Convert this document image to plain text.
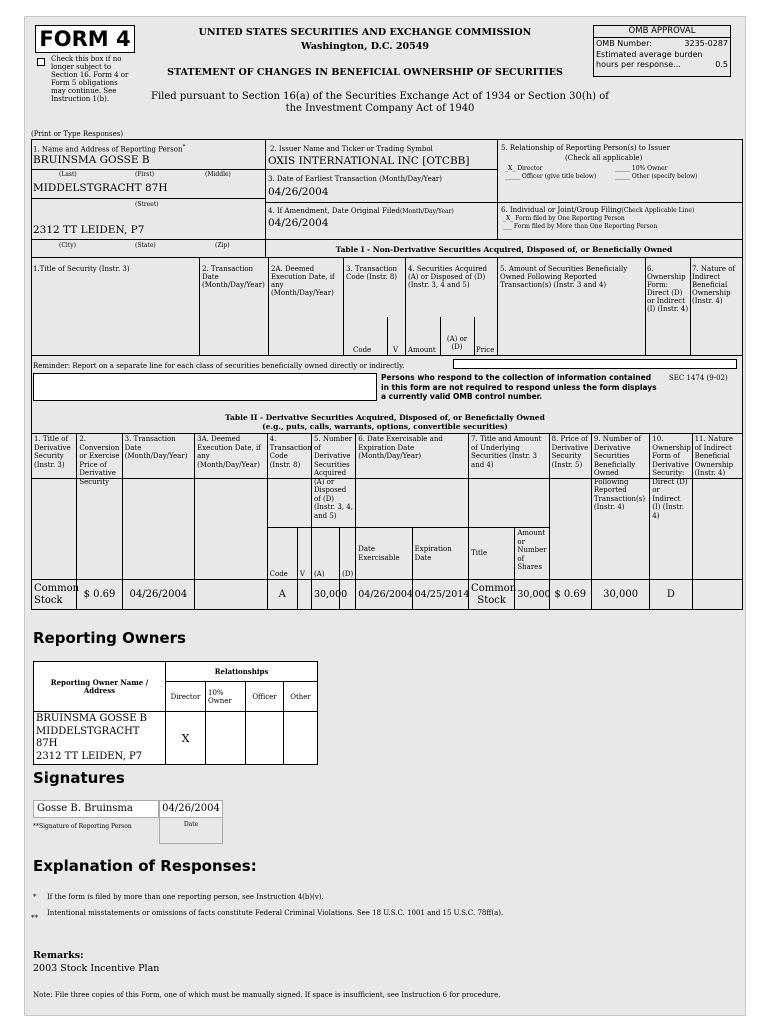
FORM 4
Check this box if no longer subject to Section 16. Form 4 or Form 5 obligations may continue. See Instruction 1(b).
UNITED STATES SECURITIES AND EXCHANGE COMMISSION
Washington, D.C. 20549
STATEMENT OF CHANGES IN BENEFICIAL OWNERSHIP OF SECURITIES
Filed pursuant to Section 16(a) of the Securities Exchange Act of 1934 or Section 30(h) of the Investment Company Act of 1940
OMB APPROVAL
OMB Number:	3235-0287
Estimated average burden
hours per response...	0.5
(Print or Type Responses)
1. Name and Address of Reporting Person*
BRUINSMA GOSSE B
(Last)	(First)	(Middle)
MIDDELSTGRACHT 87H
(Street)
2312 TT LEIDEN, P7
(City)	(State)	(Zip)
2. Issuer Name and Ticker or Trading Symbol
OXIS INTERNATIONAL INC [OTCBB]
3. Date of Earliest Transaction (Month/Day/Year)
04/26/2004
4. If Amendment, Date Original Filed(Month/Day/Year)
04/26/2004
5. Relationship of Reporting Person(s) to Issuer
(Check all applicable)
_X_ Director	_____ 10% Owner
_____ Officer (give title below)	_____ Other (specify below)
6. Individual or Joint/Group Filing(Check Applicable Line)
_X_ Form filed by One Reporting Person
___ Form filed by More than One Reporting Person
Table I - Non-Derivative Securities Acquired, Disposed of, or Beneficially Owned
1.Title of Security (Instr. 3)	2. Transaction Date (Month/Day/Year)
2A. Deemed Execution Date, if any (Month/Day/Year)
3. Transaction Code (Instr. 8)
4. Securities Acquired (A) or Disposed of (D) (Instr. 3, 4 and 5)
5. Amount of Securities Beneficially Owned Following Reported Transaction(s) (Instr. 3 and 4)
6. Ownership Form: Direct (D) or Indirect (I) (Instr. 4)
7. Nature of Indirect Beneficial Ownership (Instr. 4)
Code	V Amount
(A) or (D)	Price
Reminder: Report on a separate line for each class of securities beneficially owned directly or indirectly.
Persons who respond to the collection of information contained in this form are not required to respond unless the form displays a currently valid OMB control number.
SEC 1474 (9-02)
Table II - Derivative Securities Acquired, Disposed of, or Beneficially Owned
(e.g., puts, calls, warrants, options, convertible securities)
1. Title of Derivative Security (Instr. 3)	2. Conversion or Exercise Price of Derivative Security	3. Transaction Date (Month/Day/Year)	3A. Deemed Execution Date, if any (Month/Day/Year)	4. Transaction Code (Instr. 8)		5. Number of Derivative Securities Acquired (A) or Disposed of (D) (Instr. 3, 4, and 5)		6. Date Exercisable and Expiration Date (Month/Day/Year)		7. Title and Amount of Underlying Securities (Instr. 3 and 4)		8. Price of Derivative Security (Instr. 5)	9. Number of Derivative Securities Beneficially Owned Following Reported Transaction(s) (Instr. 4)	10. Ownership Form of Derivative Security: Direct (D) or Indirect (I) (Instr. 4)	11. Nature of Indirect Beneficial Ownership (Instr. 4)
				Code	V	(A)	(D)	Date Exercisable	Expiration Date	Title	Amount or Number of Shares				
Common Stock	$ 0.69	04/26/2004		A		30,000		04/26/2004	04/25/2014	Common Stock	30,000	$ 0.69	30,000	D	
Reporting Owners
Reporting Owner Name / Address	Relationships			
	Director	10% Owner	Officer	Other

BRUINSMA GOSSE B
MIDDELSTGRACHT 87H
2312 TT LEIDEN, P7	X			
Signatures
Gosse B. Bruinsma	04/26/2004
**Signature of Reporting Person	Date
Explanation of Responses:
* If the form is filed by more than one reporting person, see Instruction 4(b)(v).
**
Intentional misstatements or omissions of facts constitute Federal Criminal Violations. See 18 U.S.C. 1001 and 15 U.S.C. 78ff(a).
Remarks:
2003 Stock Incentive Plan
Note: File three copies of this Form, one of which must be manually signed. If space is insufficient, see Instruction 6 for procedure.
